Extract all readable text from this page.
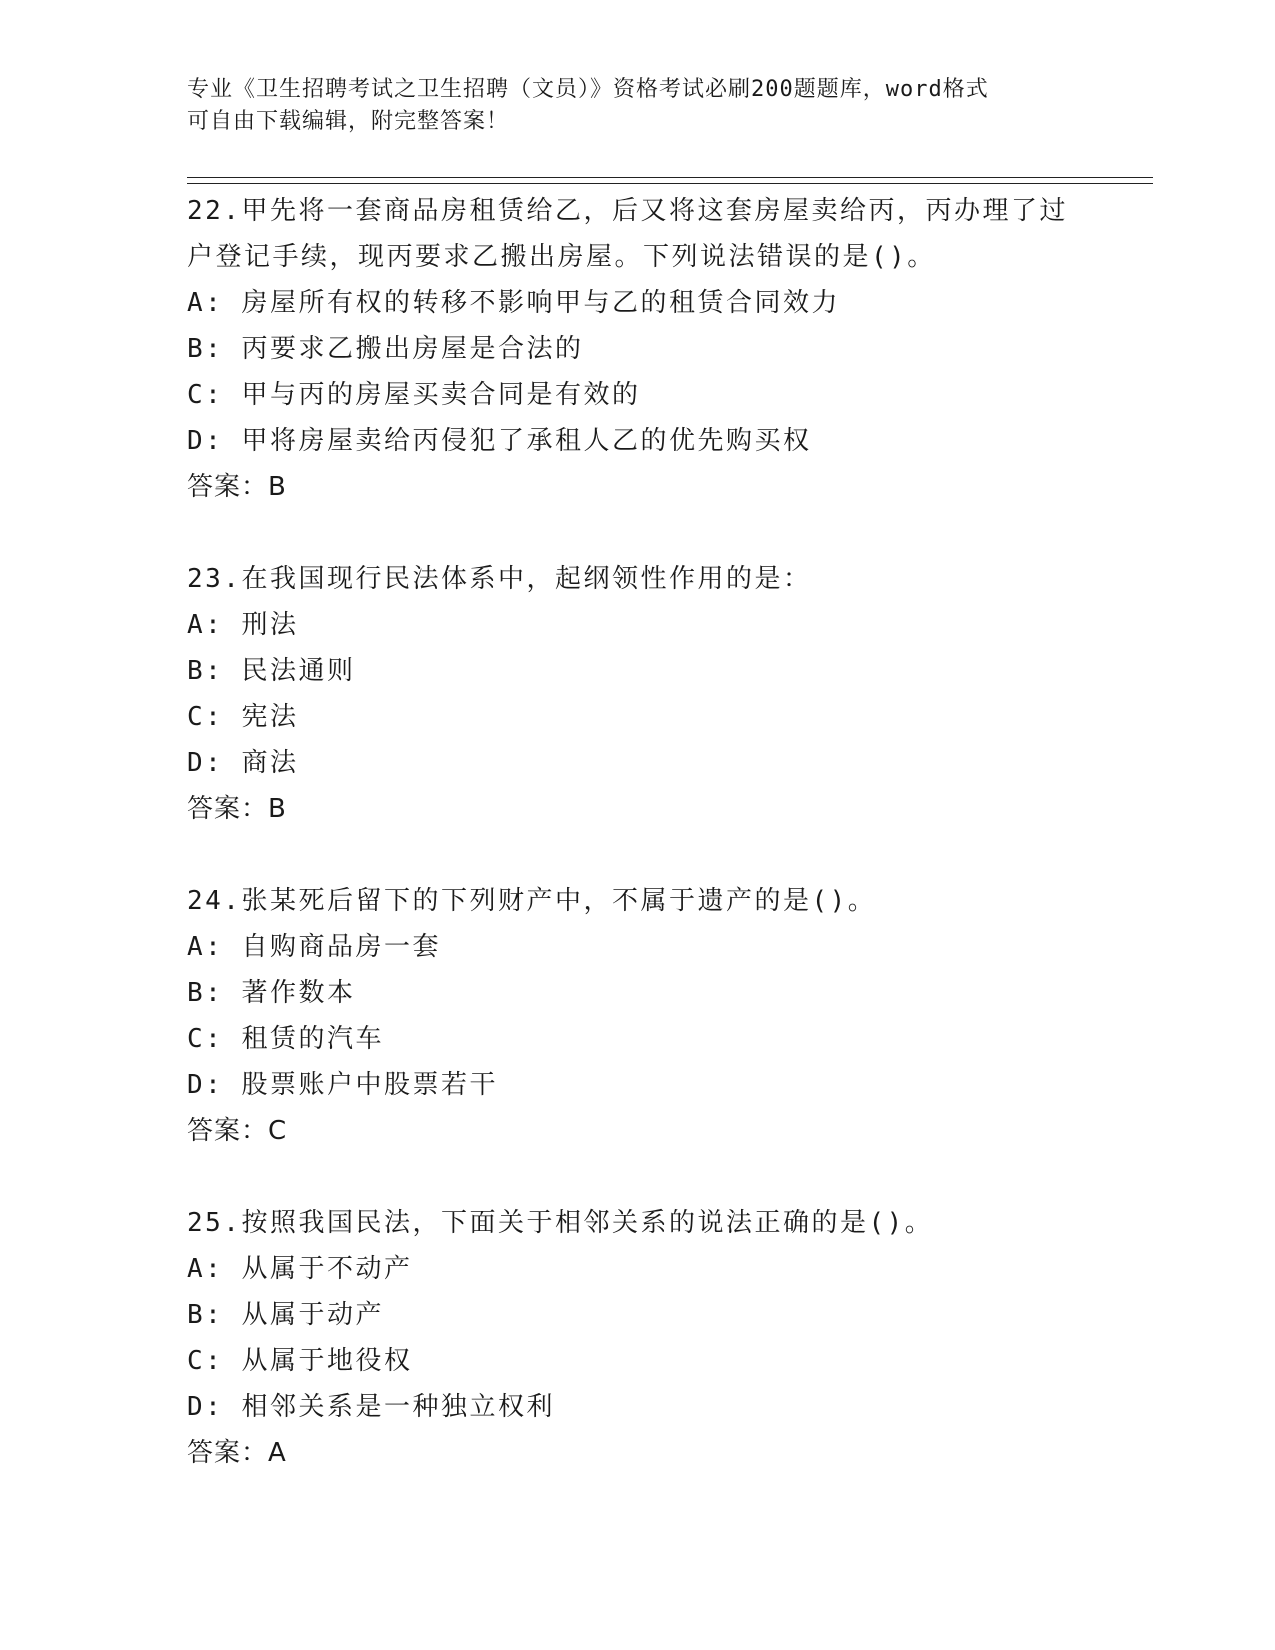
专业《卫生招聘考试之卫生招聘（文员）》资格考试必刷200题题库，word格式
可自由下载编辑，附完整答案！
22.甲先将一套商品房租赁给乙，后又将这套房屋卖给丙，丙办理了过
户登记手续，现丙要求乙搬出房屋。下列说法错误的是()。
A: 房屋所有权的转移不影响甲与乙的租赁合同效力
B: 丙要求乙搬出房屋是合法的
C: 甲与丙的房屋买卖合同是有效的
D: 甲将房屋卖给丙侵犯了承租人乙的优先购买权
答案：B
23.在我国现行民法体系中，起纲领性作用的是：
A: 刑法
B: 民法通则
C: 宪法
D: 商法
答案：B
24.张某死后留下的下列财产中，不属于遗产的是()。
A: 自购商品房一套
B: 著作数本
C: 租赁的汽车
D: 股票账户中股票若干
答案：C
25.按照我国民法，下面关于相邻关系的说法正确的是()。
A: 从属于不动产
B: 从属于动产
C: 从属于地役权
D: 相邻关系是一种独立权利
答案：A
